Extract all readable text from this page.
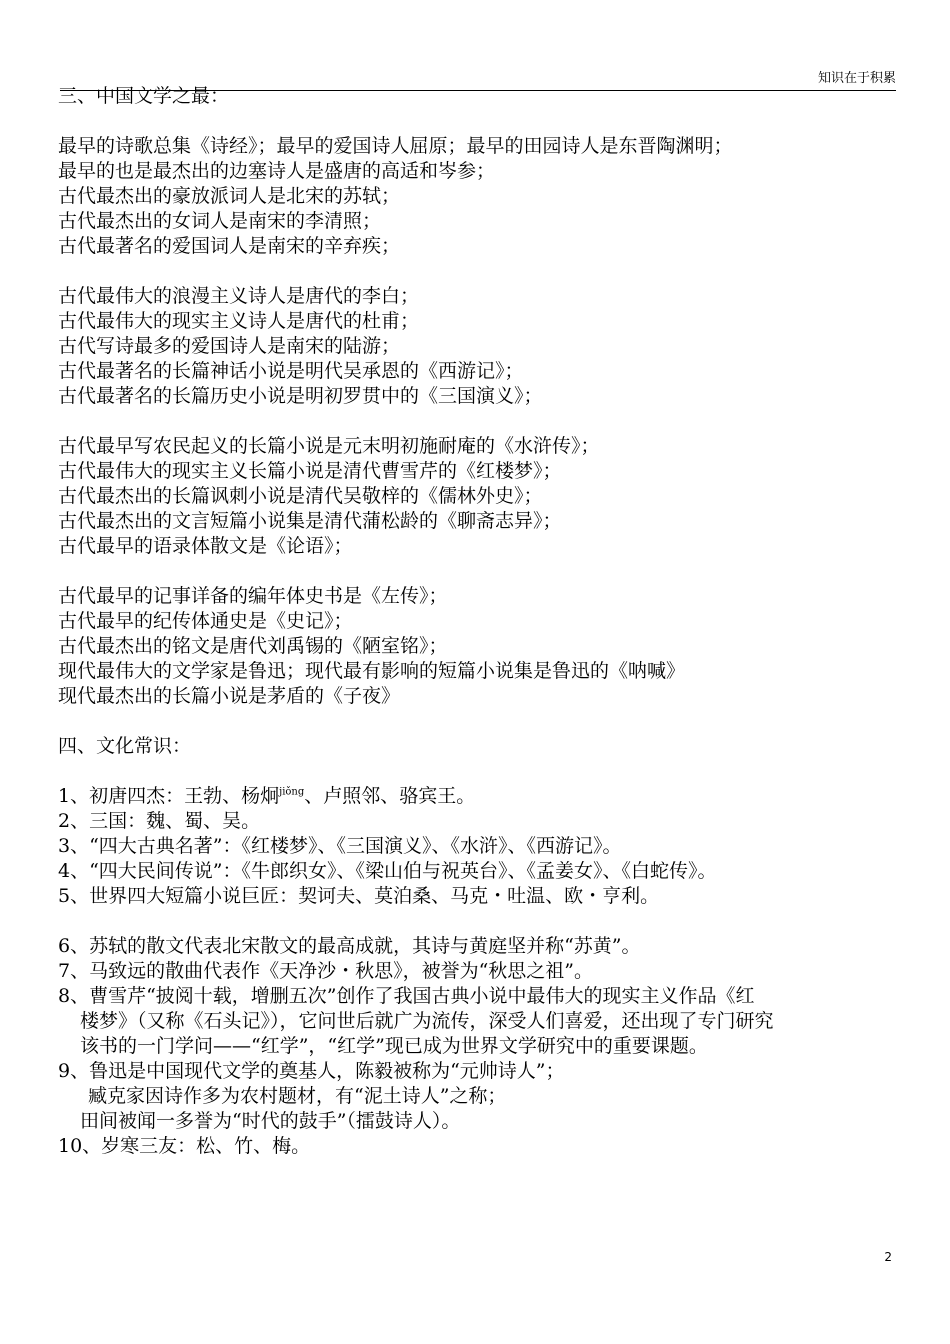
知识在于积累
三、中国文学之最：
最早的诗歌总集《诗经》；最早的爱国诗人屈原；最早的田园诗人是东晋陶渊明；
最早的也是最杰出的边塞诗人是盛唐的高适和岑参；
古代最杰出的豪放派词人是北宋的苏轼；
古代最杰出的女词人是南宋的李清照；
古代最著名的爱国词人是南宋的辛弃疾；
古代最伟大的浪漫主义诗人是唐代的李白；
古代最伟大的现实主义诗人是唐代的杜甫；
古代写诗最多的爱国诗人是南宋的陆游；
古代最著名的长篇神话小说是明代吴承恩的《西游记》；
古代最著名的长篇历史小说是明初罗贯中的《三国演义》；
古代最早写农民起义的长篇小说是元末明初施耐庵的《水浒传》；
古代最伟大的现实主义长篇小说是清代曹雪芹的《红楼梦》；
古代最杰出的长篇讽刺小说是清代吴敬梓的《儒林外史》；
古代最杰出的文言短篇小说集是清代蒲松龄的《聊斋志异》；
古代最早的语录体散文是《论语》；
古代最早的记事详备的编年体史书是《左传》；
古代最早的纪传体通史是《史记》；
古代最杰出的铭文是唐代刘禹锡的《陋室铭》；
现代最伟大的文学家是鲁迅；现代最有影响的短篇小说集是鲁迅的《呐喊》
现代最杰出的长篇小说是茅盾的《子夜》
四、文化常识：
1、初唐四杰：王勃、杨炯$^{jiǒng}$、卢照邻、骆宾王。
2、三国：魏、蜀、吴。
3、“四大古典名著”：《红楼梦》、《三国演义》、《水浒》、《西游记》。
4、“四大民间传说”：《牛郎织女》、《梁山伯与祝英台》、《孟姜女》、《白蛇传》。
5、世界四大短篇小说巨匠：契诃夫、莫泊桑、马克・吐温、欧・亨利。
6、苏轼的散文代表北宋散文的最高成就，其诗与黄庭坚并称“苏黄”。
7、马致远的散曲代表作《天净沙・秋思》，被誉为“秋思之祖”。
8、曹雪芹“披阅十载，增删五次”创作了我国古典小说中最伟大的现实主义作品《红
楼梦》（又称《石头记》），它问世后就广为流传，深受人们喜爱，还出现了专门研究
该书的一门学问——“红学”，“红学”现已成为世界文学研究中的重要课题。
9、鲁迅是中国现代文学的奠基人，陈毅被称为“元帅诗人”；
臧克家因诗作多为农村题材，有“泥土诗人”之称；
田间被闻一多誉为“时代的鼓手”（擂鼓诗人）。
10、岁寒三友：松、竹、梅。
2
